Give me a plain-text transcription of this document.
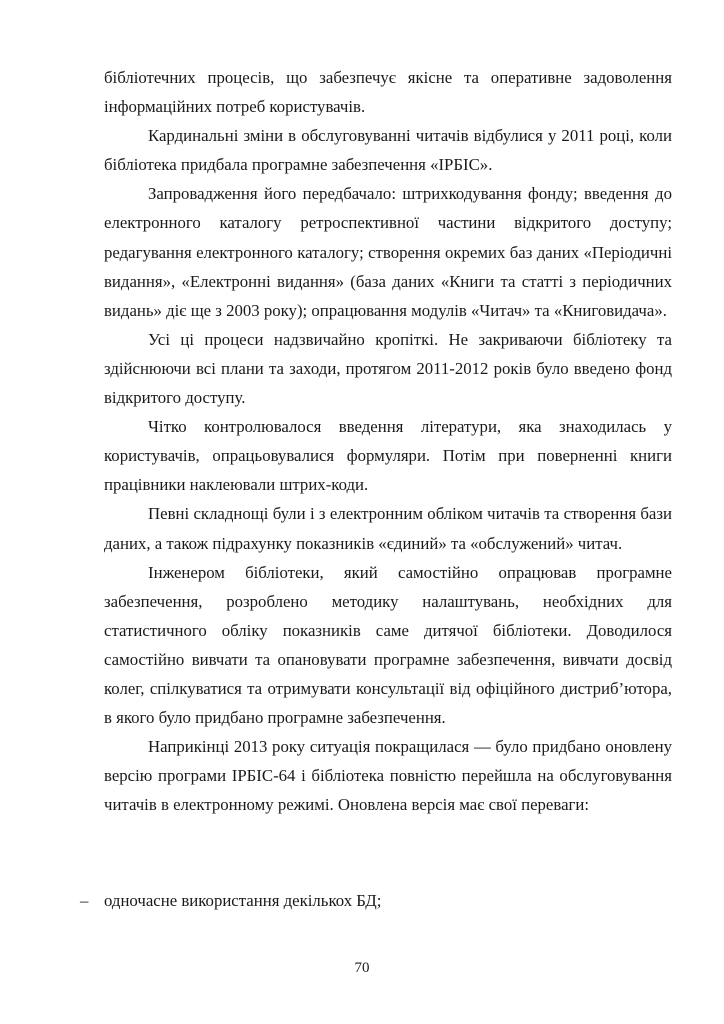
бібліотечних процесів, що забезпечує якісне та оперативне задоволення інформаційних потреб користувачів.

Кардинальні зміни в обслуговуванні читачів відбулися у 2011 році, коли бібліотека придбала програмне забезпечення «ІРБІС».

Запровадження його передбачало: штрихкодування фонду; введення до електронного каталогу ретроспективної частини відкритого доступу; редагування електронного каталогу; створення окремих баз даних «Періодичні видання», «Електронні видання» (база даних «Книги та статті з періодичних видань» діє ще з 2003 року); опрацювання модулів «Читач» та «Книговидача».

Усі ці процеси надзвичайно кропіткі. Не закриваючи бібліотеку та здійснюючи всі плани та заходи, протягом 2011-2012 років було введено фонд відкритого доступу.

Чітко контролювалося введення літератури, яка знаходилась у користувачів, опрацьовувалися формуляри. Потім при поверненні книги працівники наклеювали штрих-коди.

Певні складнощі були і з електронним обліком читачів та створення бази даних, а також підрахунку показників «єдиний» та «обслужений» читач.

Інженером бібліотеки, який самостійно опрацював програмне забезпечення, розроблено методику налаштувань, необхідних для статистичного обліку показників саме дитячої бібліотеки. Доводилося самостійно вивчати та опановувати програмне забезпечення, вивчати досвід колег, спілкуватися та отримувати консультації від офіційного дистриб’ютора, в якого було придбано програмне забезпечення.

Наприкінці 2013 року ситуація покращилася — було придбано оновлену версію програми ІРБІС-64 і бібліотека повністю перейшла на обслуговування читачів в електронному режимі. Оновлена версія має свої переваги:

– одночасне використання декількох БД;
70
